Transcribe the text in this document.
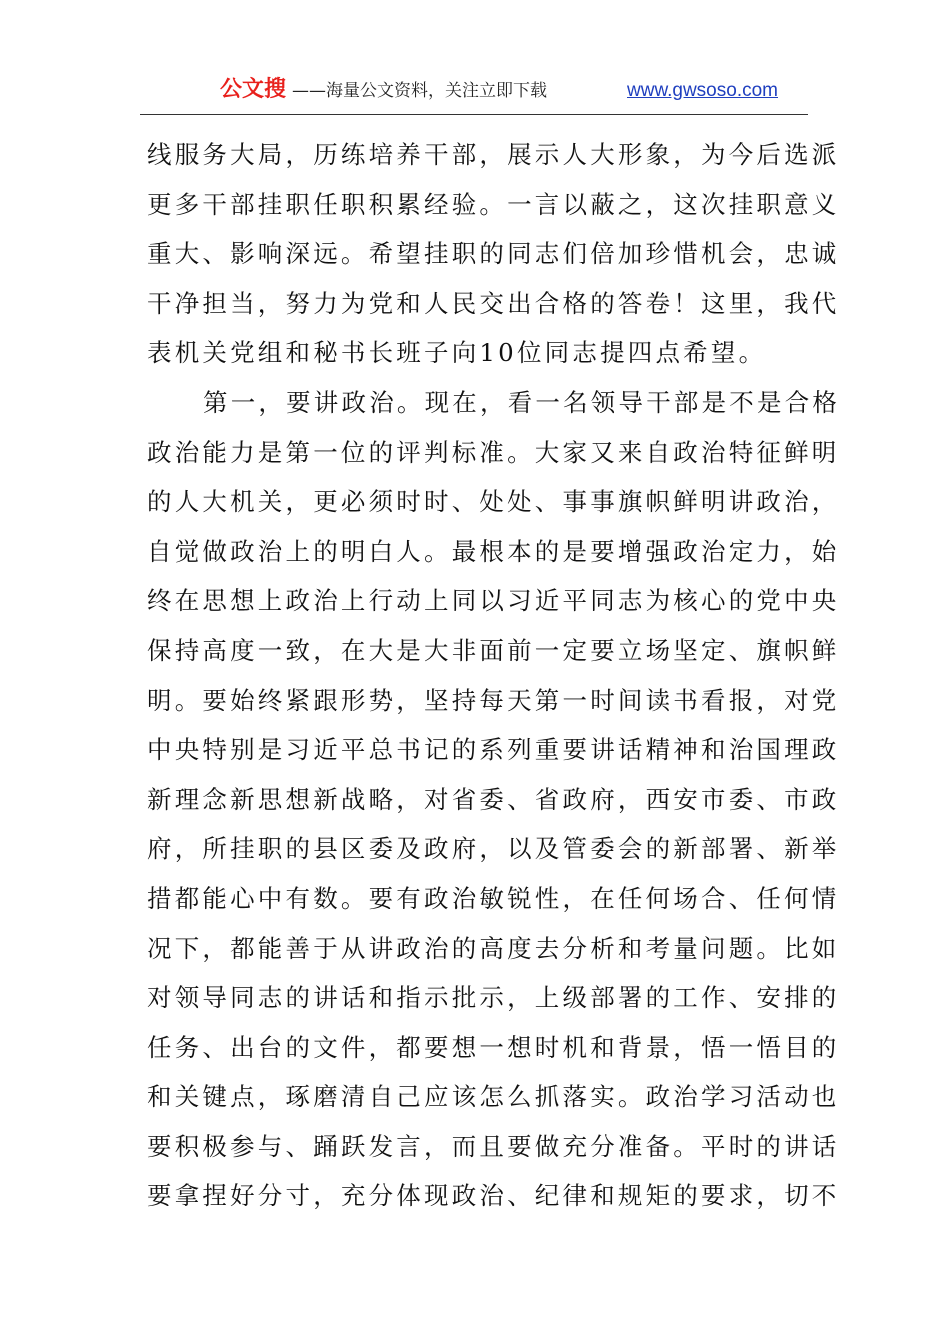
公文搜 ——海量公文资料，关注立即下载	www.gwsoso.com
线服务大局，历练培养干部，展示人大形象，为今后选派
更多干部挂职任职积累经验。一言以蔽之，这次挂职意义
重大、影响深远。希望挂职的同志们倍加珍惜机会，忠诚
干净担当，努力为党和人民交出合格的答卷！这里，我代
表机关党组和秘书长班子向10位同志提四点希望。
第一，要讲政治。现在，看一名领导干部是不是合格
政治能力是第一位的评判标准。大家又来自政治特征鲜明
的人大机关，更必须时时、处处、事事旗帜鲜明讲政治，
自觉做政治上的明白人。最根本的是要增强政治定力，始
终在思想上政治上行动上同以习近平同志为核心的党中央
保持高度一致，在大是大非面前一定要立场坚定、旗帜鲜
明。要始终紧跟形势，坚持每天第一时间读书看报，对党
中央特别是习近平总书记的系列重要讲话精神和治国理政
新理念新思想新战略，对省委、省政府，西安市委、市政
府，所挂职的县区委及政府，以及管委会的新部署、新举
措都能心中有数。要有政治敏锐性，在任何场合、任何情
况下，都能善于从讲政治的高度去分析和考量问题。比如
对领导同志的讲话和指示批示，上级部署的工作、安排的
任务、出台的文件，都要想一想时机和背景，悟一悟目的
和关键点，琢磨清自己应该怎么抓落实。政治学习活动也
要积极参与、踊跃发言，而且要做充分准备。平时的讲话
要拿捏好分寸，充分体现政治、纪律和规矩的要求，切不
